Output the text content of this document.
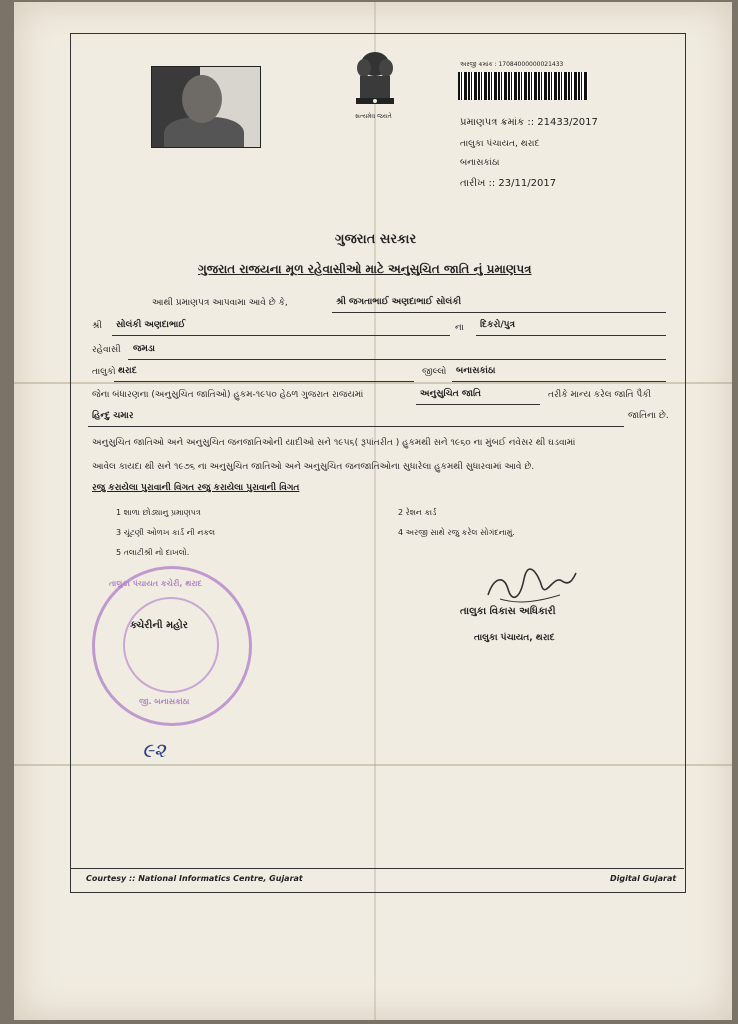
સત્યમેવ જયતે
અરજી ક્રમાંક : 17084000000021433
પ્રમાણપત્ર ક્રમાંક :: 21433/2017
તાલુકા પંચાયત, થરાદ
બનાસકાંઠા
તારીખ :: 23/11/2017
ગુજરાત સરકાર
ગુજરાત રાજયના મૂળ રહેવાસીઓ માટે અનુસુચિત જાતિ નું પ્રમાણપત્ર
આથી પ્રમાણપત્ર આપવામા આવે છે કે,	શ્રી જગતાભાઈ અણદાભાઈ સોલંકી
શ્રી સોલંકી અણદાભાઈ	ના દિકરો/પુત્ર
રહેવાસી જમડા
તાલુકો થરાદ	જીલ્લો બનાસકાંઠા
જેના બંધારણના (અનુસુચિત જાતિઓ) હુકમ-૧૯૫૦ હેઠળ ગુજરાત રાજયમાં	અનુસુચિત જાતિ	તરીકે માન્ય કરેલ જાતિ પૈકી
હિન્દુ ચમાર	જાતિના છે.
અનુસુચિત જાતિઓ અને અનુસુચિત જનજાતિઓની યાદીઓ સને ૧૯૫૬( રૂપાંતરીત ) હુકમથી સને ૧૯૬૦ ના મુંબઈ નવેસર થી ઘડવામાં
આવેલ કાયદા થી સને ૧૯૭૬ ના અનુસુચિત જાતિઓ અને અનુસુચિત જનજાતિઓના સુધારેલા હુકમથી સુધારવામાં આવે છે.
રજુ કરાયેલા પુરાવાની વિગત રજુ કરાયેલા પુરાવાની વિગત
1 શાળા છોડ્યાનુ પ્રમાણપત્ર	2 રેશન કાર્ડ
3 ચૂંટણી ઓળખ કાર્ડ ની નકલ	4 અરજી સાથે રજુ કરેલ સોગંદનામું.
5 તલાટીશ્રી નો દાખલો.
તાલુકા પંચાયત કચેરી, થરાદ
જી. બનાસકાંઠા
ક્ચેરીની મહોર
તાલુકા વિકાસ અધિકારી
તાલુકા પંચાયત, થરાદ
૯૨
Courtesy :: National Informatics Centre, Gujarat	Digital Gujarat
